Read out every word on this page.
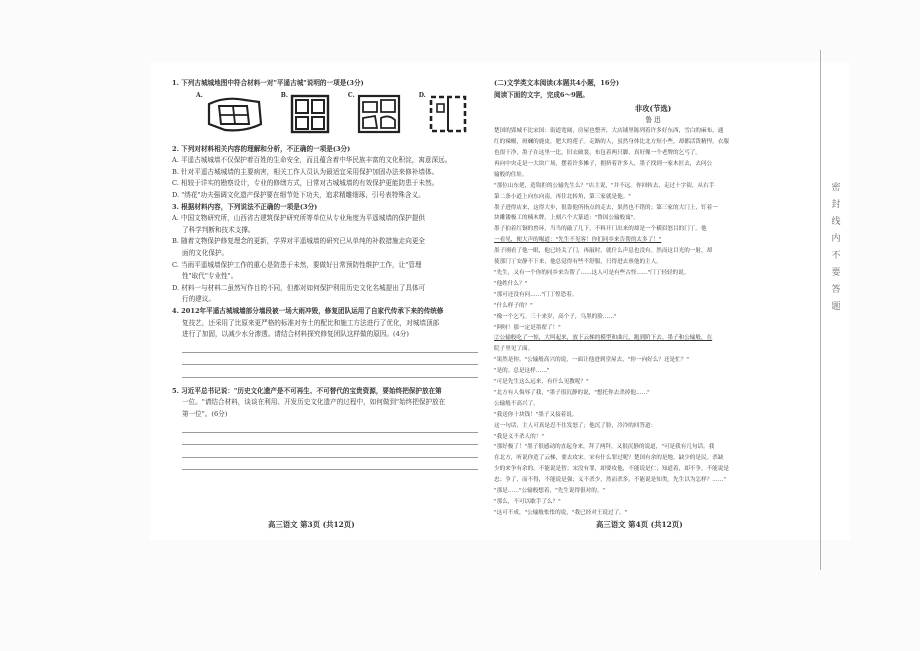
1. 下列古城城地图中符合材料一对"平遥古城"说明的一项是(3分)
A.	B.	C.	D.
2. 下列对材料相关内容的理解和分析，不正确的一项是(3分)
A. 平遥古城城墙不仅保护着百姓的生命安全，而且蕴含着中华民族丰富的文化积淀，寓意深远。
B. 针对平遥古城城墙的主要病害，相关工作人员认为最适宜采用保护加固办法来修补墙体。
C. 相较于详实的勘察设计，专业的修缮方式，日常对古城城墙的有效保护更能防患于未然。
D. "绣花"功夫强调文化遗产保护要在细节处下功夫，追求精雕细琢，引号表特殊含义。
3. 根据材料内容，下列说法不正确的一项是(3分)
A. 中国文物研究所，山西省古建筑保护研究所等单位从专业角度为平遥城墙的保护提供
了科学判断和技术支撑。
B. 随着文物保护修复理念的更新，学界对平遥城墙的研究已从单纯的补救措施走向更全
面的文化保护。
C. 当雨平遥城墙保护工作的重心是防患于未然，要做好日常预防性维护工作，让"管理
性"取代"专业性"。
D. 材料一与材料二虽然写作目的不同，但都对如何保护利用历史文化名城提出了具体可
行的建议。
4. 2012年平遥古城城墙部分墙段被一场大雨冲毁，修复团队运用了自家代传承下来的传统修
复技艺，还采用了比原来更严格的标准对夯土的配比和施工方法进行了优化，对城墙顶部
进行了加固，以减少水分渗透。请结合材料探究修复团队这样做的原因。(4分)
5. 习近平总书记说："历史文化遗产是不可再生、不可替代的宝贵资源，要始终把保护放在第
一位。"请结合材料，谈谈在利用、开发历史文化遗产的过程中，如何做到"始终把保护放在
第一位"。(6分)
(二)文学类文本阅读(本题共4小题，16分)
阅读下面的文字，完成6～9题。
非攻(节选)
鲁 迅
楚国的郢城不比宋国：街道宽阔，房屋也整齐，大店铺里陈列着许多好东西，雪白的麻布，通
红的辣椒，斑斓的鹿皮，肥大的莲子。走路的人，虽然身体比北方短小些，却都活泼精悍，衣服
也很干净，墨子在这里一比，旧衣破裳，布包着两只脚，真好像一个老牌的乞丐了。
再向中央走是一大块广场，摆着许多摊子，拥挤着许多人，墨子找到一家木匠去，去问公
输般的住址。
"那位山东佬，造钩拒的公输先生么？"店主说，"并不远。你回转去，走过十字街，从右手
第二条小道上向东向南，再往北转角，第三家就是他。"
墨子进得店来，这得大步，很靠他所指点的走去，果然也不错的；第三家的大门上，钉着一
块雕镂极工的楠木牌，上刻六个大篆道："鲁国公输般寓"。
墨子拍着红铜的兽环，当当的敲了几下，不料开门出来的却是一个横眉怒目的门丁。他
一看见，便大声的喝道："先生不见客！你们同乡来告帮的太多了！"
墨子刚看了他一眼，他已经关了门，再敲时，就什么声息也没有。然而这目光的一射，却
使那门丁安静不下来，他总觉得有些不舒服，只得进去禀他的主人。
"先生，又有一个你的同乡来告帮了……这人可是有些古怪……"门丁轻轻的说。
"他姓什么？"
"那可还没有问……"门丁惶恐着。
"什么样子的？"
"像一个乞丐。三十来岁，高个子，乌黑的脸……"
"阿呀！那一定是墨翟了！"
②公输般吃了一惊，大叫起来，放下云梯的模型和曲尺，跑到阶下去。墨子和公输般，在
院子里见了面。
"果然是你。"公输般高兴的说，一面让他进到堂屋去，"你一向好么？还是忙？"
"是的。总是这样……"
"可是先生这么远来，有什么见教呢？"
"北方有人侮辱了我，"墨子很沉静的说，"想托你去杀掉他……"
公输般不高兴了。
"我送你十块钱！"墨子又接着说。
这一句话，主人可真是忍不住发怒了；他沉了脸，冷冷的回答道：
"我是义不杀人的！"
"那好极了！"墨子很感动的直起身来，拜了两拜，又很沉静的说道，"可是我有几句话。我
在北方，听说你造了云梯，要去攻宋。宋有什么罪过呢？楚国有余的是地，缺少的是民。杀缺
少的来争有余的，不能说是智；宋没有罪，却要攻他，不能说是仁；知道着，却不争，不能说是
忠；争了，而不得，不能说是强；义不杀少，然而杀多，不能说是知类。先生以为怎样？……"
"那是……"公输般想着，"先生说得很对的。"
"那么，不可以歇手了么？"
"这可不成，"公输般怅怅的说，"我已经对王说过了。"
高三语文 第3页 (共12页)	高三语文 第4页 (共12页)
密
封
线
内
不
要
答
题
